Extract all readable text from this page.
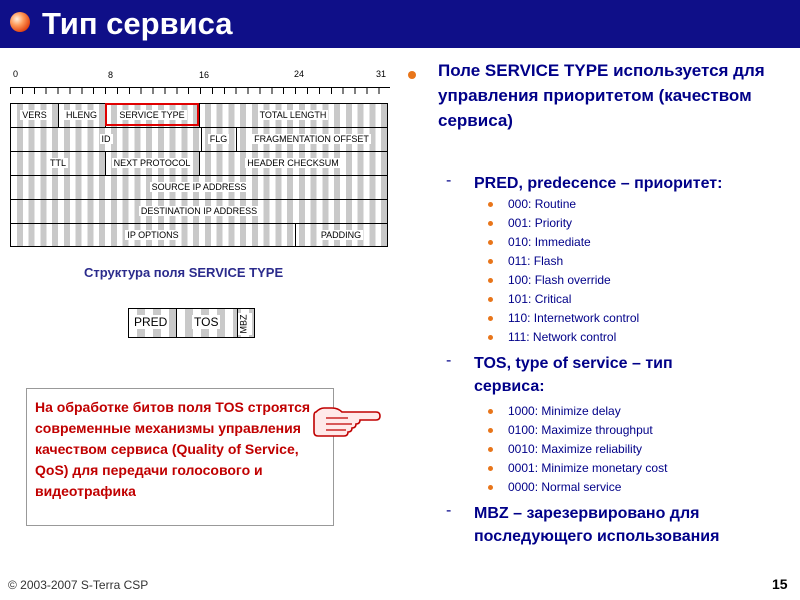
Тип сервиса
0	8	16	24	31
VERS	HLENG	SERVICE TYPE	TOTAL LENGTH
ID	FLG	FRAGMENTATION OFFSET
TTL	NEXT PROTOCOL	HEADER CHECKSUM
SOURCE IP ADDRESS
DESTINATION IP ADDRESS
IP OPTIONS	PADDING
Структура поля SERVICE TYPE
PRED TOS MBZ
На обработке битов поля TOS строятся современные механизмы управления качеством сервиса (Quality of Service, QoS) для передачи голосового и видеотрафика
Поле SERVICE TYPE используется для управления приоритетом (качеством сервиса)
- PRED, predecence – приоритет:
000: Routine
001: Priority
010: Immediate
011: Flash
100: Flash override
101: Critical
110: Internetwork control
111: Network control
- TOS, type of service – тип сервиса:
1000: Minimize delay
0100: Maximize throughput
0010: Maximize reliability
0001: Minimize monetary cost
0000: Normal service
- MBZ – зарезервировано для последующего использования
© 2003-2007 S-Terra CSP	15
